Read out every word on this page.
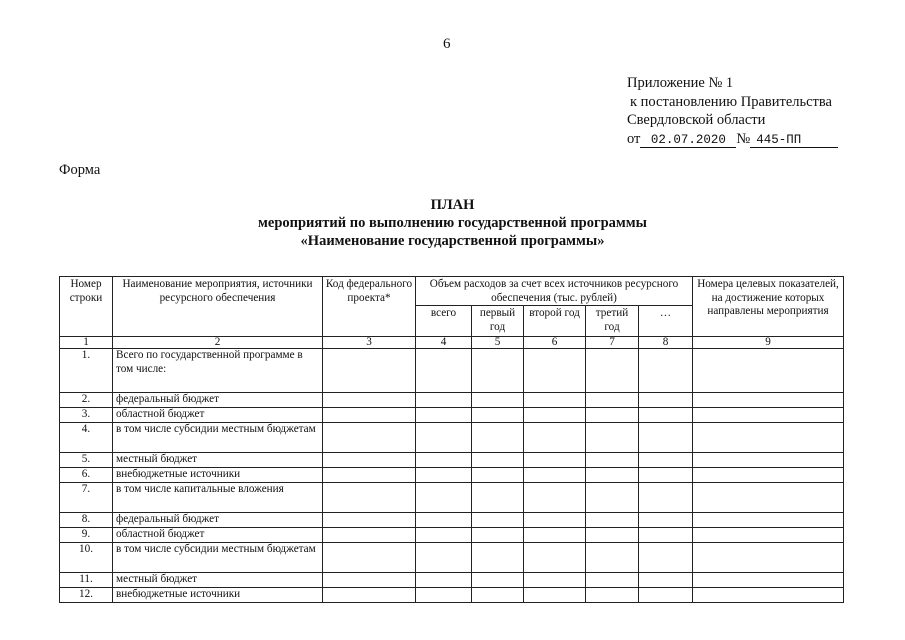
6
Приложение № 1
к постановлению Правительства
Свердловской области
от 02.07.2020 № 445-ПП
Форма
ПЛАН
мероприятий по выполнению государственной программы
«Наименование государственной программы»
Номер строки	Наименование мероприятия, источники ресурсного обеспечения	Код федерального проекта*	Объем расходов за счет всех источников ресурсного обеспечения (тыс. рублей)					Номера целевых показателей, на достижение которых направлены мероприятия
			всего	первый год	второй год	третий год	…	
1	2	3	4	5	6	7	8	9
1.	Всего по государственной программе в том числе:							
2.	федеральный бюджет							
3.	областной бюджет							
4.	в том числе субсидии местным бюджетам							
5.	местный бюджет							
6.	внебюджетные источники							
7.	в том числе капитальные вложения							
8.	федеральный бюджет							
9.	областной бюджет							
10.	в том числе субсидии местным бюджетам							
11.	местный бюджет							
12.	внебюджетные источники							
